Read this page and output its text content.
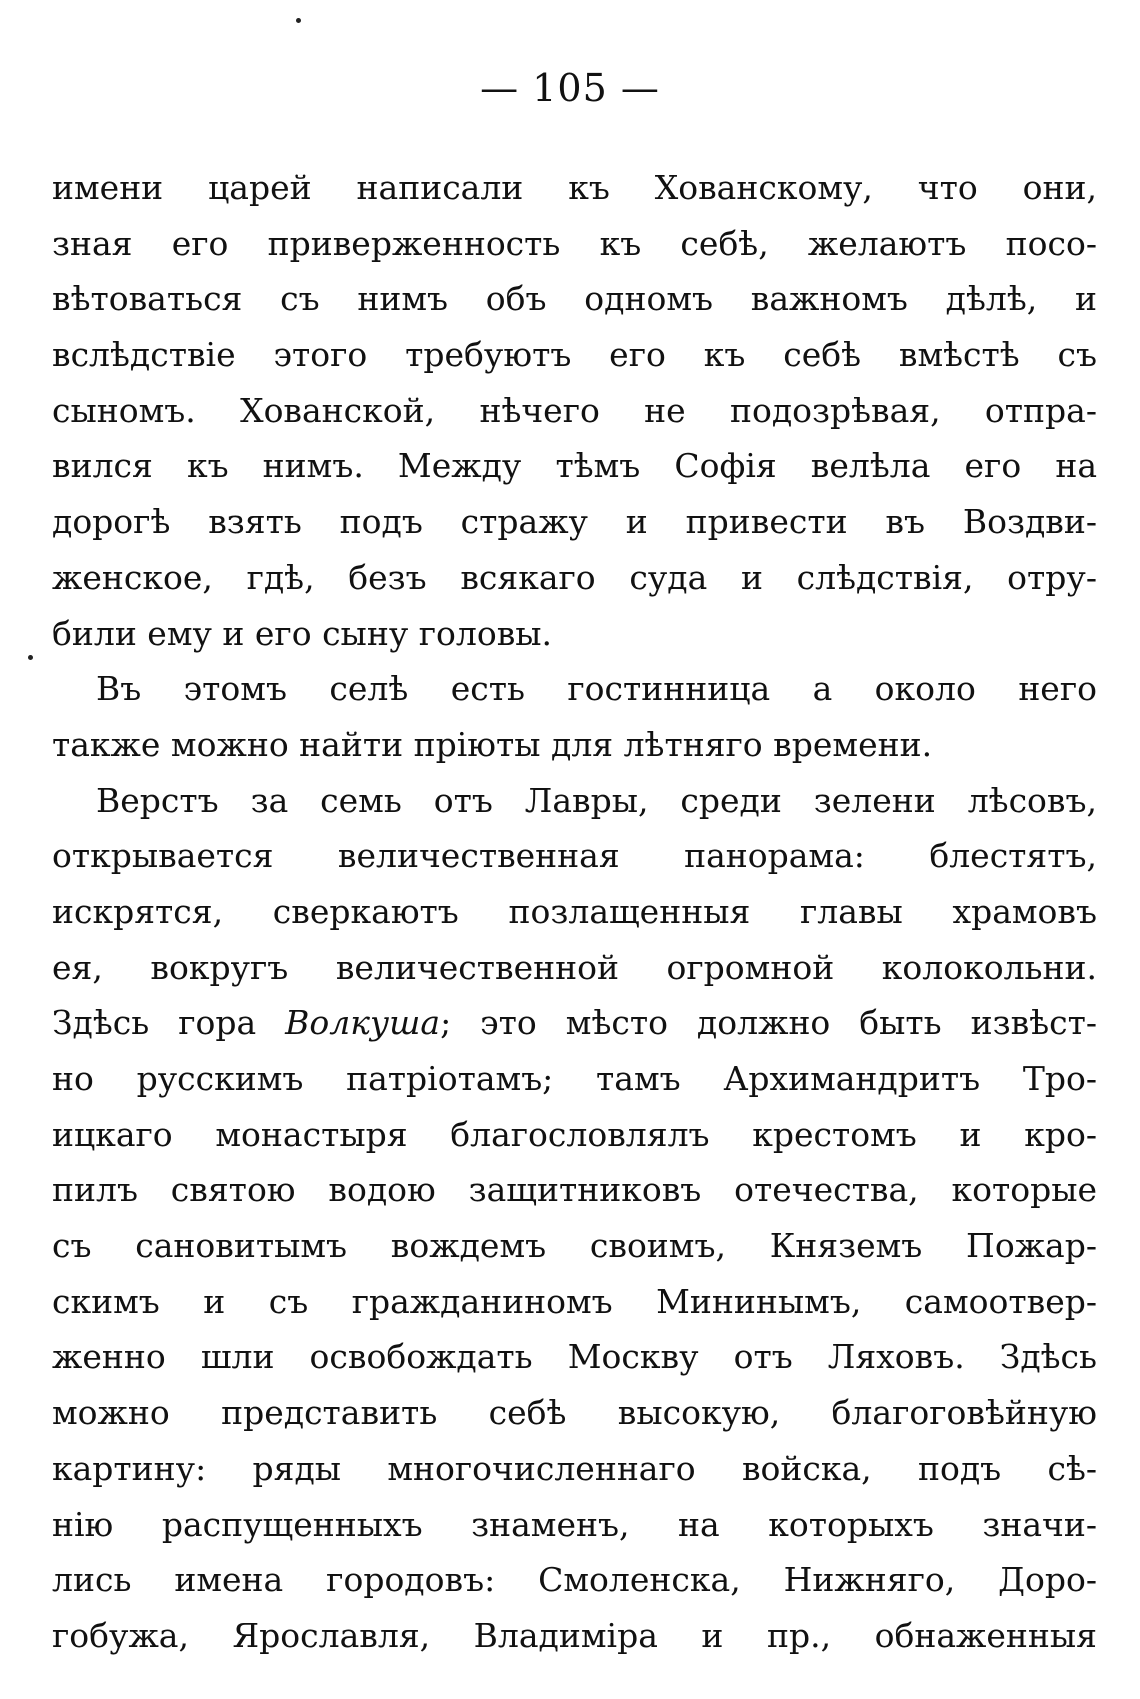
— 105 —
имени царей написали къ Хованскому, что они,
зная его приверженность къ себѣ, желаютъ посо-
вѣтоваться съ нимъ объ одномъ важномъ дѣлѣ, и
вслѣдствіе этого требуютъ его къ себѣ вмѣстѣ съ
сыномъ. Хованской, нѣчего не подозрѣвая, отпра-
вился къ нимъ. Между тѣмъ Софія велѣла его на
дорогѣ взять подъ стражу и привести въ Воздви-
женское, гдѣ, безъ всякаго суда и слѣдствія, отру-
били ему и его сыну головы.
Въ этомъ селѣ есть гостинница а около него
также можно найти пріюты для лѣтняго времени.
Верстъ за семь отъ Лавры, среди зелени лѣсовъ,
открывается величественная панорама: блестятъ,
искрятся, сверкаютъ позлащенныя главы храмовъ
ея, вокругъ величественной огромной колокольни.
Здѣсь гора Волкуша; это мѣсто должно быть извѣст-
но русскимъ патріотамъ; тамъ Архимандритъ Тро-
ицкаго монастыря благословлялъ крестомъ и кро-
пилъ святою водою защитниковъ отечества, которые
съ сановитымъ вождемъ своимъ, Княземъ Пожар-
скимъ и съ гражданиномъ Мининымъ, самоотвер-
женно шли освобождать Москву отъ Ляховъ. Здѣсь
можно представить себѣ высокую, благоговѣйную
картину: ряды многочисленнаго войска, подъ сѣ-
нію распущенныхъ знаменъ, на которыхъ значи-
лись имена городовъ: Смоленска, Нижняго, Доро-
гобужа, Ярославля, Владиміра и пр., обнаженныя
